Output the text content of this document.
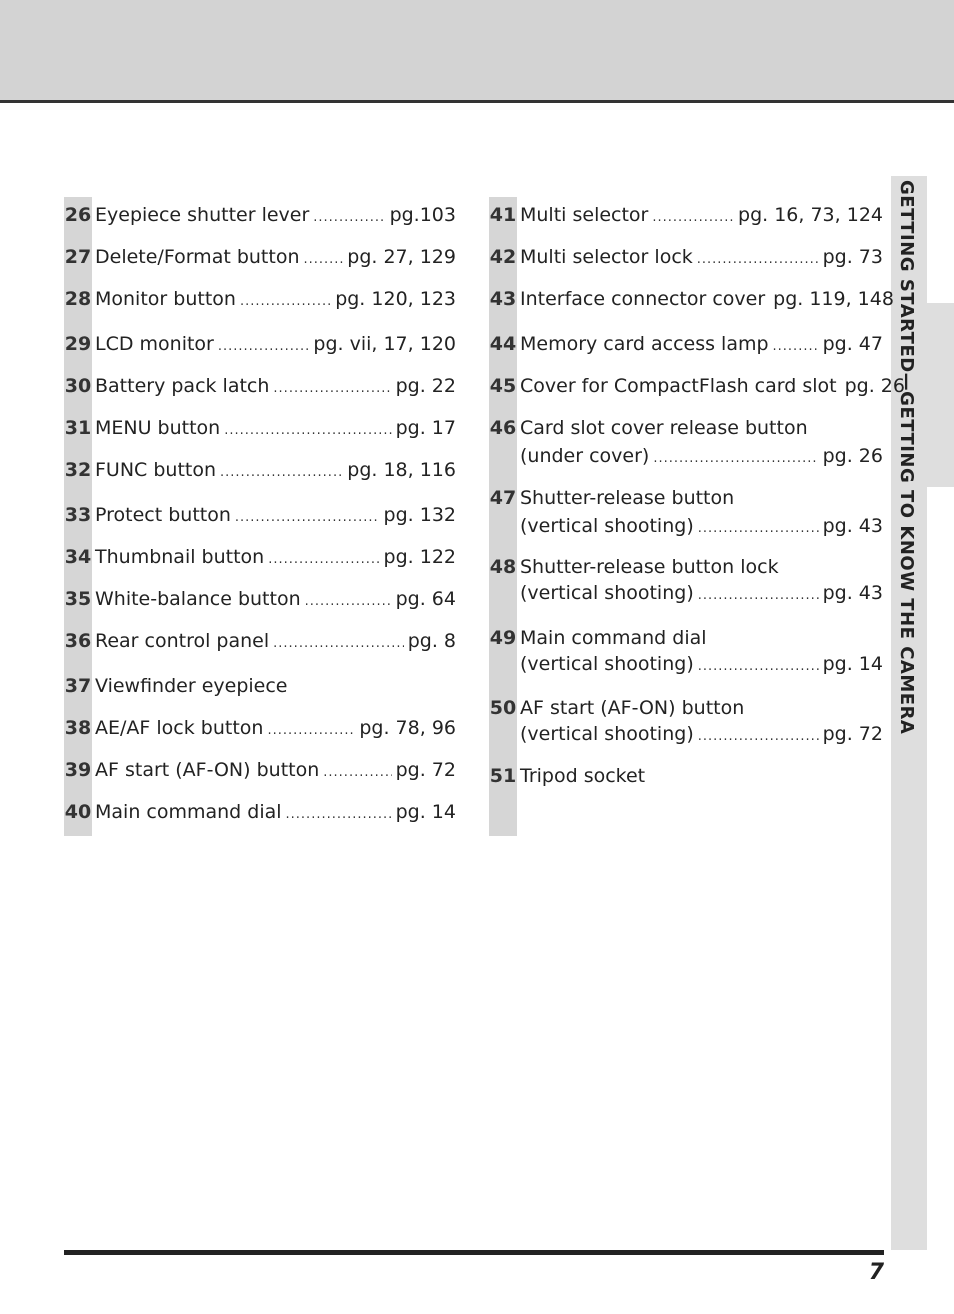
GETTING STARTED—GETTING TO KNOW THE CAMERA
26 Eyepiece shutter lever .....	pg.103
27 Delete/Format button .....	pg. 27, 129
28 Monitor button .....	pg. 120, 123
29 LCD monitor .....	pg. vii, 17, 120
30 Battery pack latch .....	pg. 22
31 MENU button .....	pg. 17
32 FUNC button .....	pg. 18, 116
33 Protect button .....	pg. 132
34 Thumbnail button .....	pg. 122
35 White-balance button .....	pg. 64
36 Rear control panel .....	pg. 8
37 Viewfinder eyepiece
38 AE/AF lock button .....	pg. 78, 96
39 AF start (AF-ON) button .....	pg. 72
40 Main command dial .....	pg. 14
41 Multi selector .....	pg. 16, 73, 124
42 Multi selector lock .....	pg. 73
43 Interface connector cover pg. 119, 148
44 Memory card access lamp .....	pg. 47
45 Cover for CompactFlash card slot pg. 26
46 Card slot cover release button
(under cover) .....	pg. 26
47 Shutter-release button
(vertical shooting) .....	pg. 43
48 Shutter-release button lock
(vertical shooting) .....	pg. 43
49 Main command dial
(vertical shooting) .....	pg. 14
50 AF start (AF-ON) button
(vertical shooting) .....	pg. 72
51 Tripod socket
7
